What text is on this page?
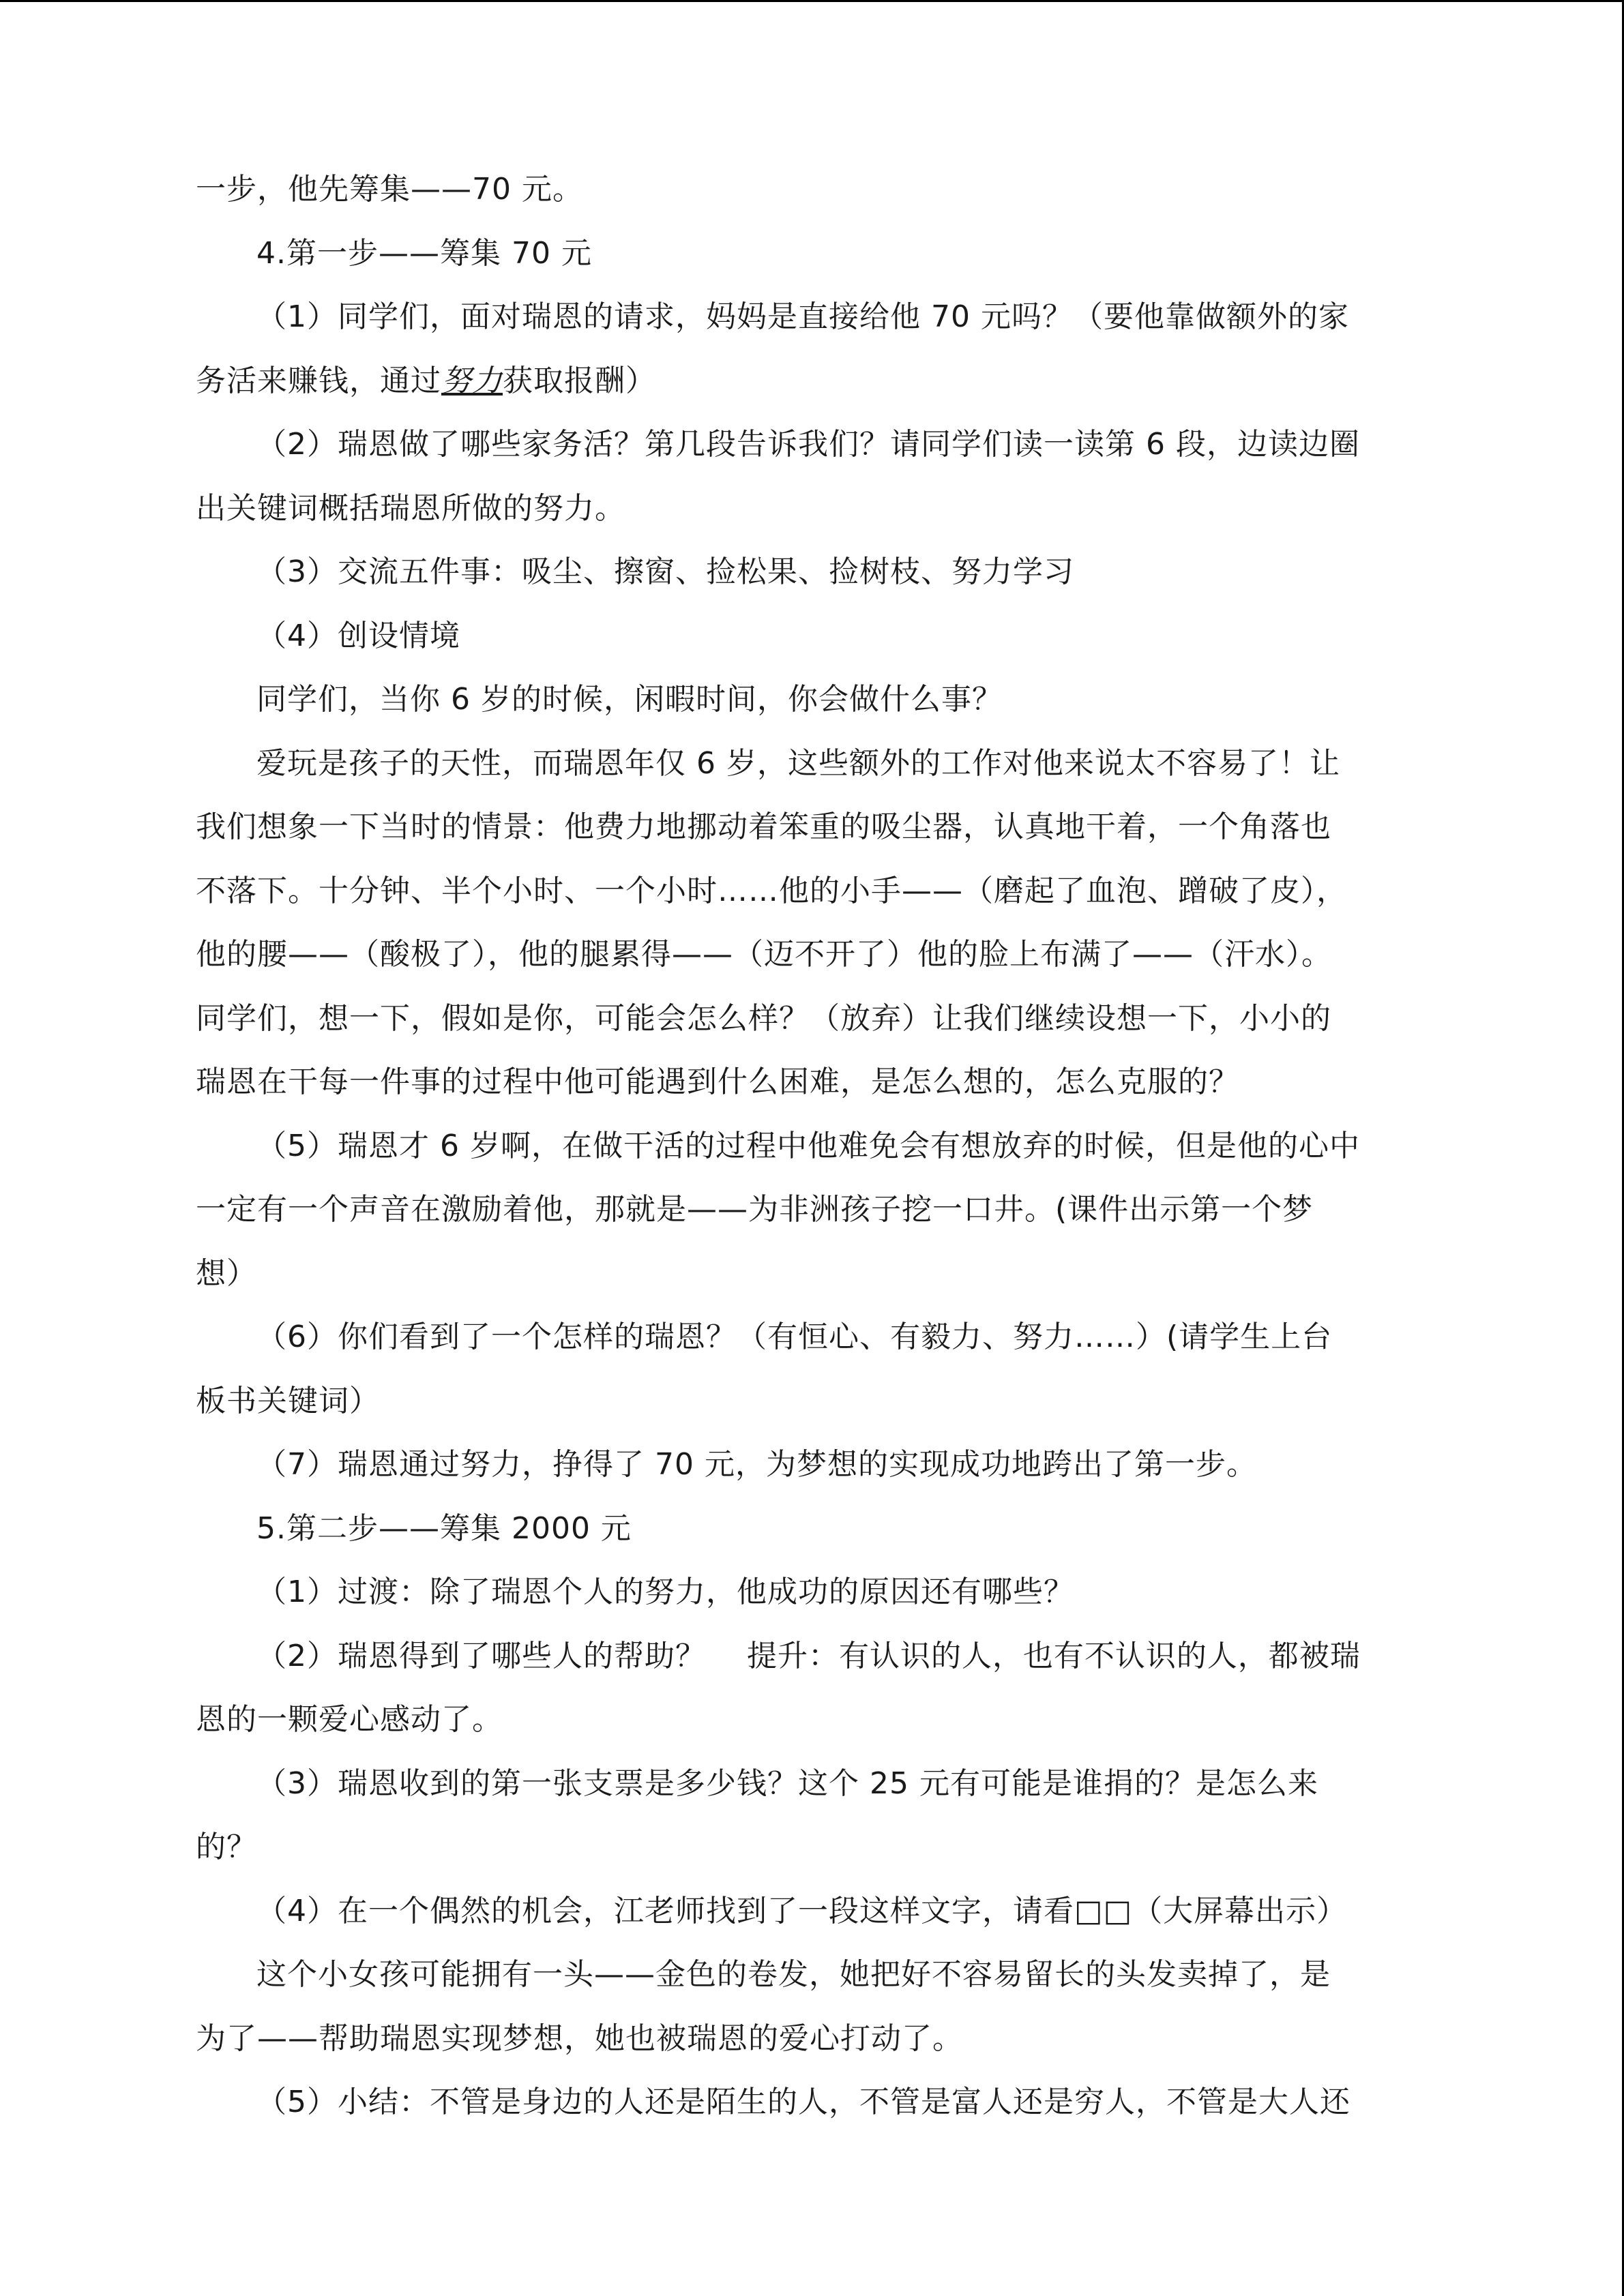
一步，他先筹集——70 元。

4.第一步——筹集 70 元

（1）同学们，面对瑞恩的请求，妈妈是直接给他 70 元吗？（要他靠做额外的家

务活来赚钱，通过努力获取报酬）

（2）瑞恩做了哪些家务活？第几段告诉我们？请同学们读一读第 6 段，边读边圈

出关键词概括瑞恩所做的努力。

（3）交流五件事：吸尘、擦窗、捡松果、捡树枝、努力学习

（4）创设情境

同学们，当你 6 岁的时候，闲暇时间，你会做什么事？

爱玩是孩子的天性，而瑞恩年仅 6 岁，这些额外的工作对他来说太不容易了！让

我们想象一下当时的情景：他费力地挪动着笨重的吸尘器，认真地干着，一个角落也

不落下。十分钟、半个小时、一个小时……他的小手——（磨起了血泡、蹭破了皮），

他的腰——（酸极了），他的腿累得——（迈不开了）他的脸上布满了——（汗水）。

同学们，想一下，假如是你，可能会怎么样？（放弃）让我们继续设想一下，小小的

瑞恩在干每一件事的过程中他可能遇到什么困难，是怎么想的，怎么克服的？

（5）瑞恩才 6 岁啊，在做干活的过程中他难免会有想放弃的时候，但是他的心中

一定有一个声音在激励着他，那就是——为非洲孩子挖一口井。(课件出示第一个梦

想）

（6）你们看到了一个怎样的瑞恩？（有恒心、有毅力、努力……）(请学生上台

板书关键词）

（7）瑞恩通过努力，挣得了 70 元，为梦想的实现成功地跨出了第一步。

5.第二步——筹集 2000 元

（1）过渡：除了瑞恩个人的努力，他成功的原因还有哪些？

（2）瑞恩得到了哪些人的帮助？    提升：有认识的人，也有不认识的人，都被瑞

恩的一颗爱心感动了。

（3）瑞恩收到的第一张支票是多少钱？这个 25 元有可能是谁捐的？是怎么来

的？

（4）在一个偶然的机会，江老师找到了一段这样文字，请看□□（大屏幕出示）

这个小女孩可能拥有一头——金色的卷发，她把好不容易留长的头发卖掉了，是

为了——帮助瑞恩实现梦想，她也被瑞恩的爱心打动了。

（5）小结：不管是身边的人还是陌生的人，不管是富人还是穷人，不管是大人还
